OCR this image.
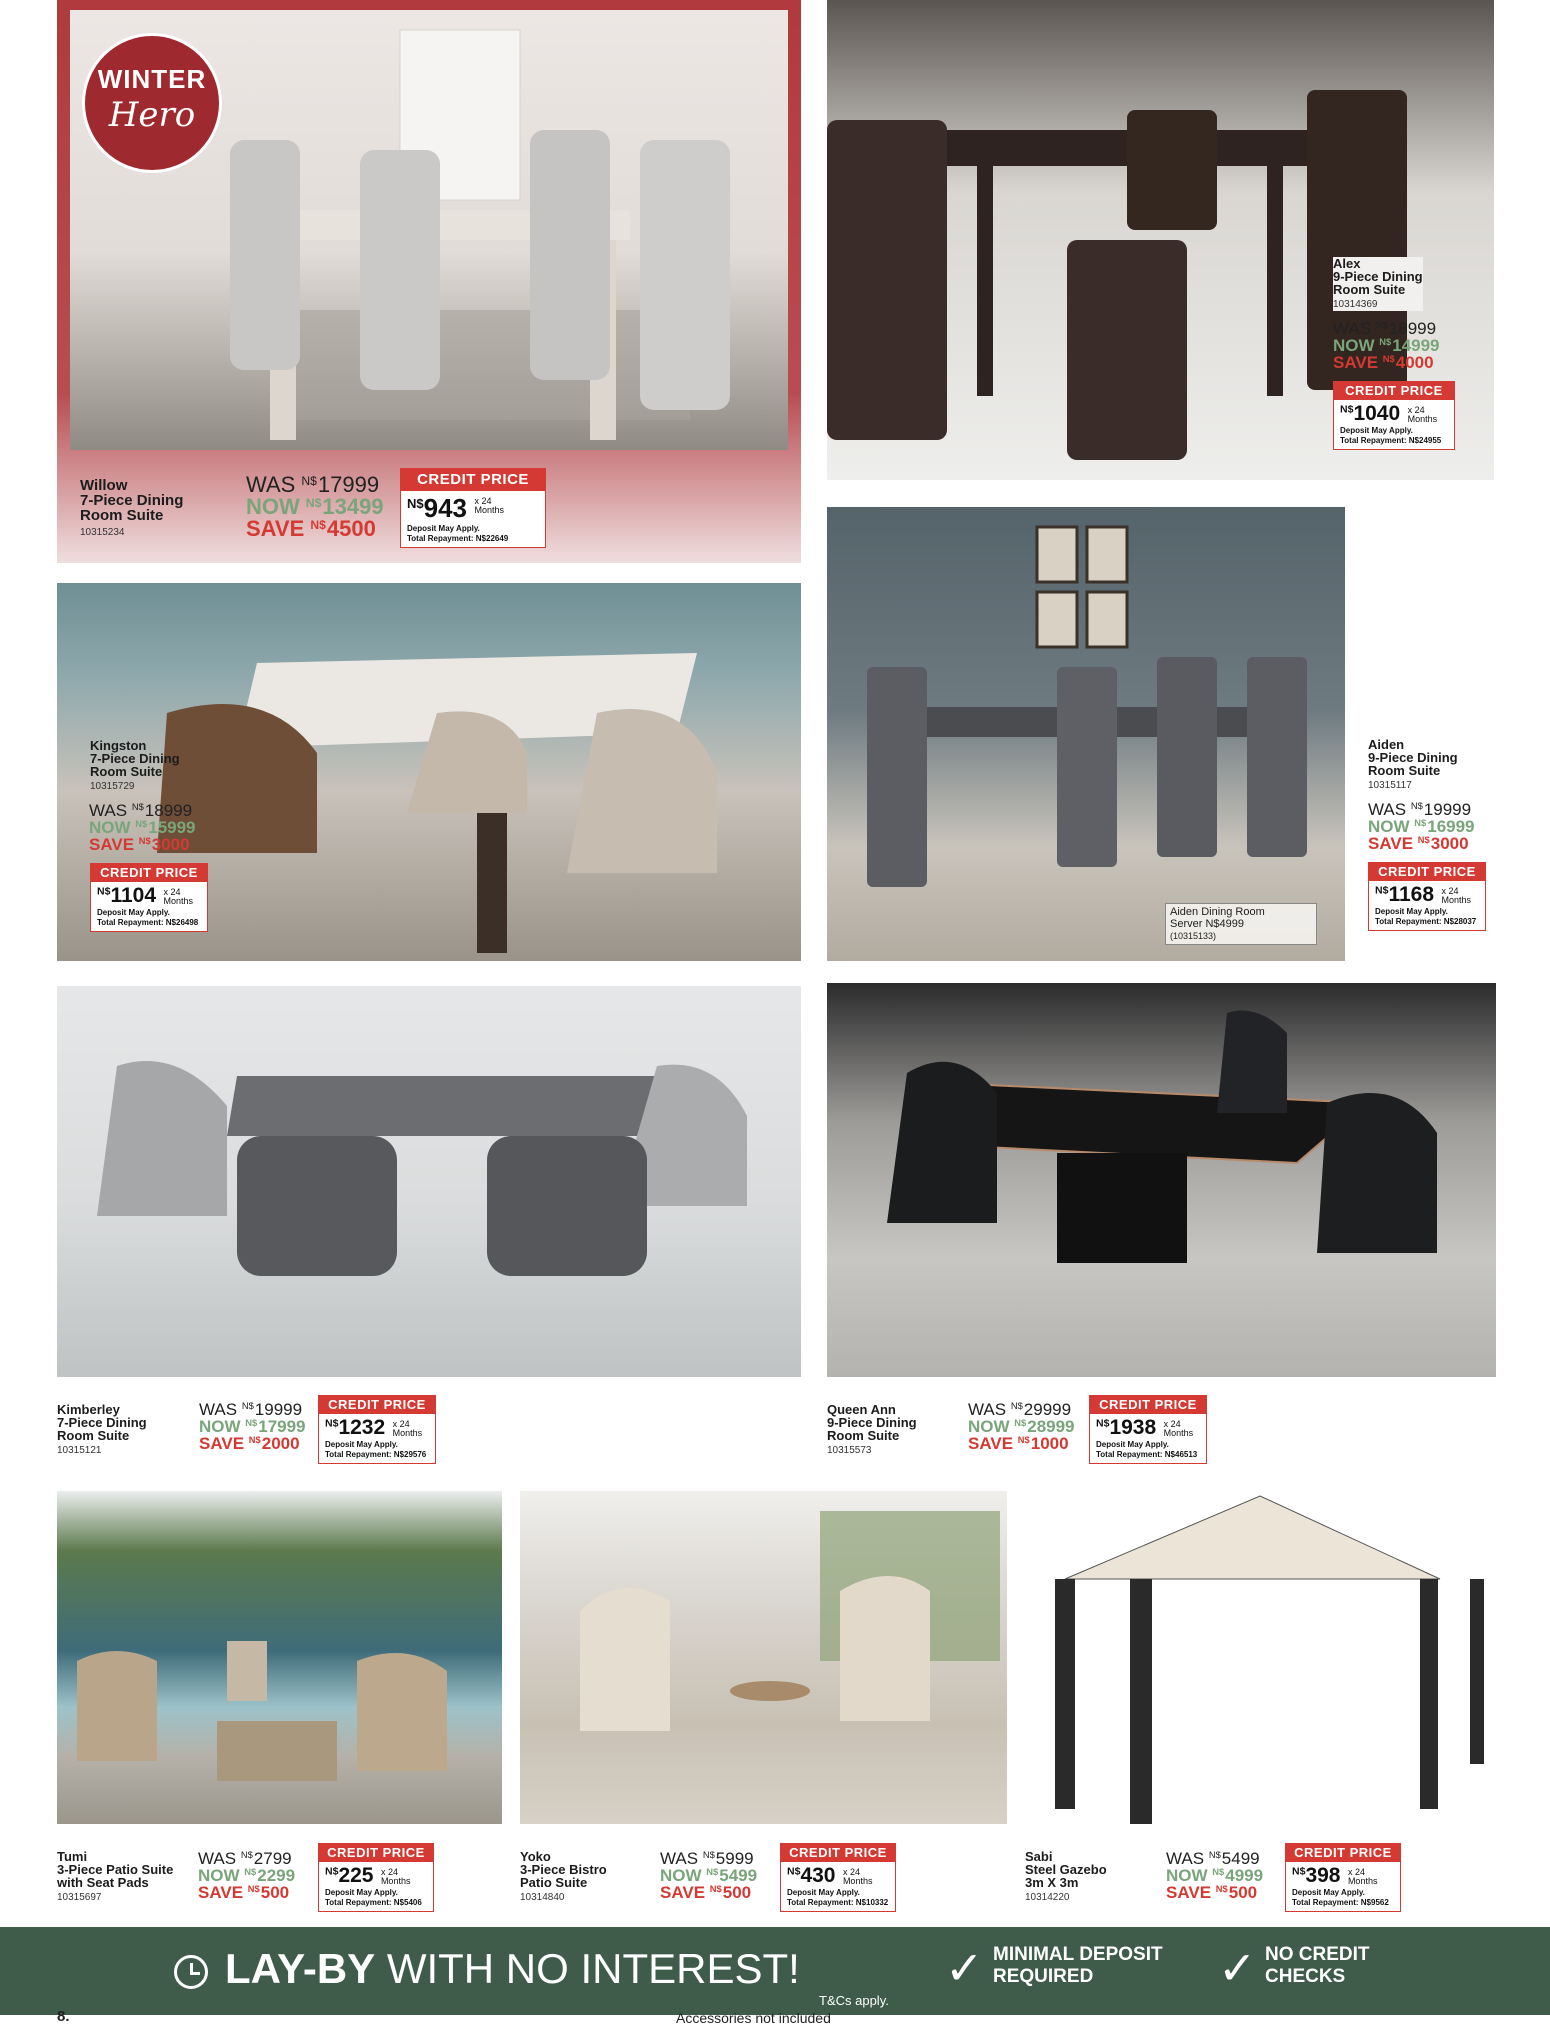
WINTER
Hero
Willow
7-Piece Dining
Room Suite
10315234
WAS $^{N\$}$17999
NOW $^{N\$}$13499
SAVE $^{N\$}$4500
CREDIT PRICE
$^{N\$}$943 x 24
Months
Deposit May Apply.
Total Repayment: N$22649
Alex
9-Piece Dining
Room Suite
10314369
WAS $^{N\$}$18999
NOW $^{N\$}$14999
SAVE $^{N\$}$4000
CREDIT PRICE
$^{N\$}$1040 x 24
Months
Deposit May Apply.
Total Repayment: N$24955
Kingston
7-Piece Dining
Room Suite
10315729
WAS $^{N\$}$18999
NOW $^{N\$}$15999
SAVE $^{N\$}$3000
CREDIT PRICE
$^{N\$}$1104 x 24
Months
Deposit May Apply.
Total Repayment: N$26498
Aiden Dining Room
Server N$4999
(10315133)
Aiden
9-Piece Dining
Room Suite
10315117
WAS $^{N\$}$19999
NOW $^{N\$}$16999
SAVE $^{N\$}$3000
CREDIT PRICE
$^{N\$}$1168 x 24
Months
Deposit May Apply.
Total Repayment: N$28037
Kimberley
7-Piece Dining
Room Suite
10315121
WAS $^{N\$}$19999
NOW $^{N\$}$17999
SAVE $^{N\$}$2000
CREDIT PRICE
$^{N\$}$1232 x 24
Months
Deposit May Apply.
Total Repayment: N$29576
Queen Ann
9-Piece Dining
Room Suite
10315573
WAS $^{N\$}$29999
NOW $^{N\$}$28999
SAVE $^{N\$}$1000
CREDIT PRICE
$^{N\$}$1938 x 24
Months
Deposit May Apply.
Total Repayment: N$46513
Tumi
3-Piece Patio Suite
with Seat Pads
10315697
WAS $^{N\$}$2799
NOW $^{N\$}$2299
SAVE $^{N\$}$500
CREDIT PRICE
$^{N\$}$225 x 24
Months
Deposit May Apply.
Total Repayment: N$5406
Yoko
3-Piece Bistro
Patio Suite
10314840
WAS $^{N\$}$5999
NOW $^{N\$}$5499
SAVE $^{N\$}$500
CREDIT PRICE
$^{N\$}$430 x 24
Months
Deposit May Apply.
Total Repayment: N$10332
Sabi
Steel Gazebo
3m X 3m
10314220
WAS $^{N\$}$5499
NOW $^{N\$}$4999
SAVE $^{N\$}$500
CREDIT PRICE
$^{N\$}$398 x 24
Months
Deposit May Apply.
Total Repayment: N$9562
LAY-BY WITH NO INTEREST!
T&Cs apply.
✓ MINIMAL DEPOSIT
REQUIRED	✓ NO CREDIT
CHECKS
8.	Accessories not included
